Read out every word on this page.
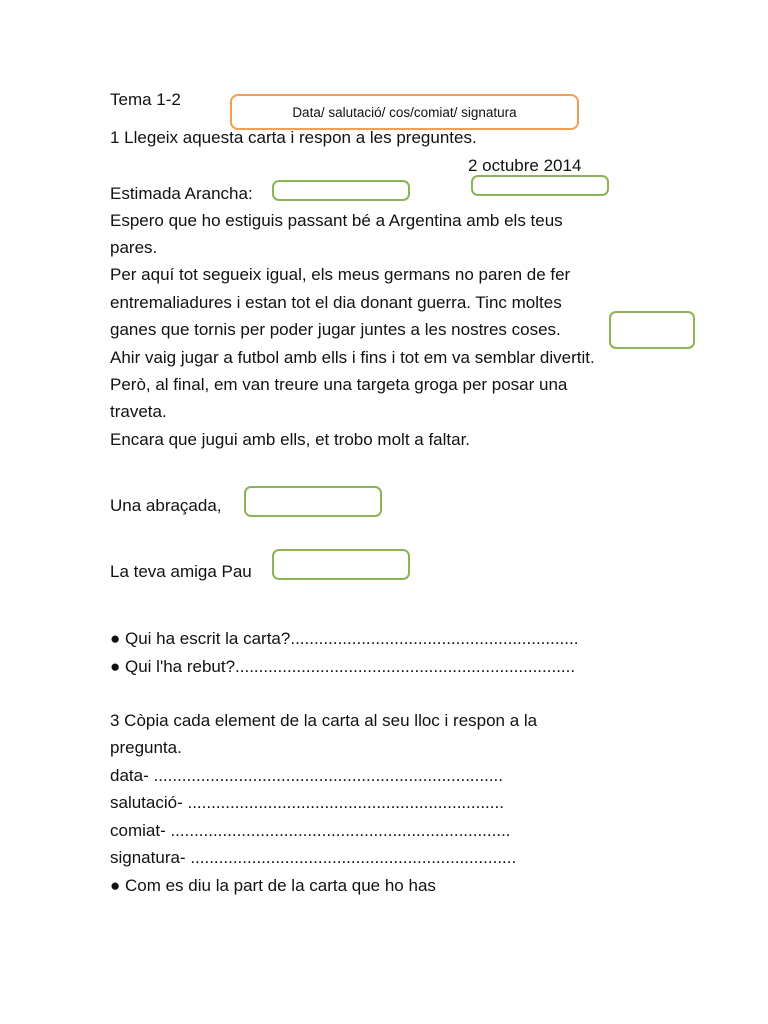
Tema 1-2
Data/ salutació/ cos/comiat/ signatura
1 Llegeix aquesta carta i respon a les preguntes.
2 octubre 2014
Estimada Arancha:
Espero que ho estiguis passant bé a Argentina amb els teus
pares.
Per aquí tot segueix igual, els meus germans no paren de fer
entremaliadures i estan tot el dia donant guerra. Tinc moltes
ganes que tornis per poder jugar juntes a les nostres coses.
Ahir vaig jugar a futbol amb ells i fins i tot em va semblar divertit.
Però, al final, em van treure una targeta groga per posar una
traveta.
Encara que jugui amb ells, et trobo molt a faltar.
Una abraçada,
La teva amiga Pau
● Qui ha escrit la carta?.............................................................
● Qui l'ha rebut?........................................................................
3 Còpia cada element de la carta al seu lloc i respon a la
pregunta.
data- ..........................................................................
salutació- ...................................................................
comiat- ........................................................................
signatura- .....................................................................
● Com es diu la part de la carta que ho has
